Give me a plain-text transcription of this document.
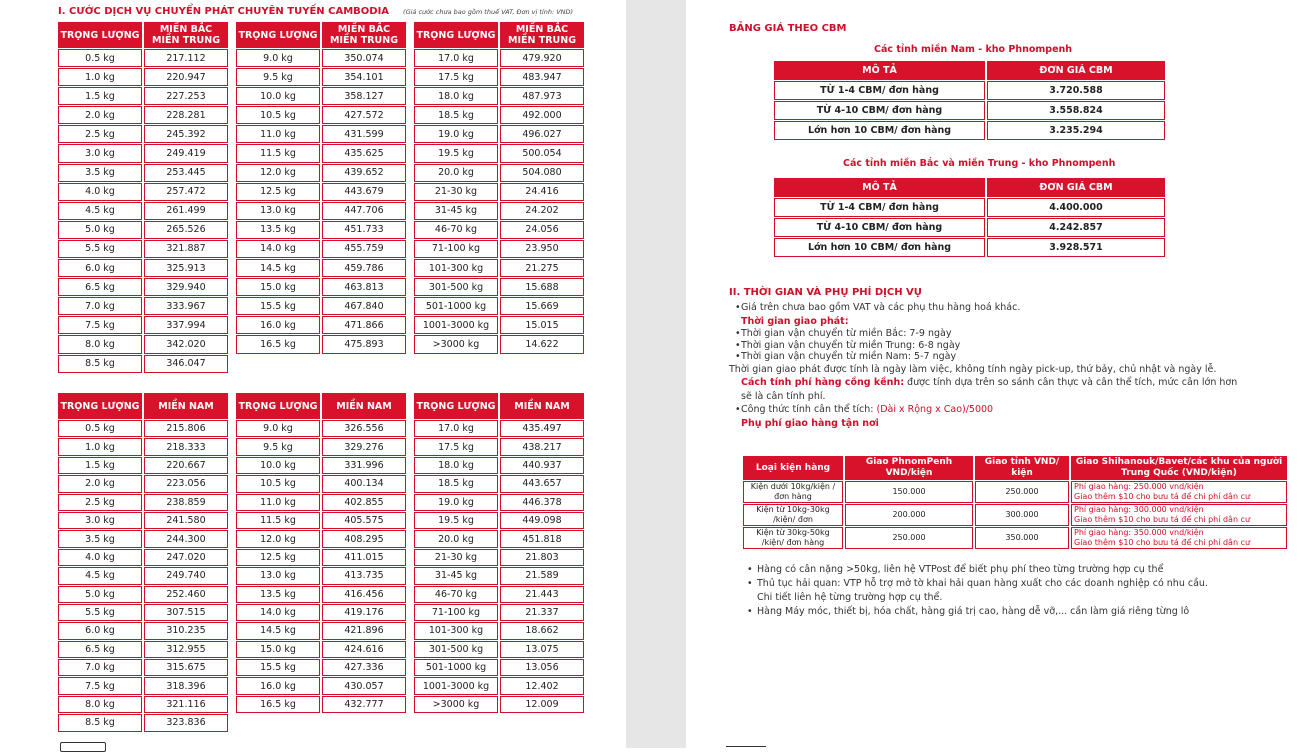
I. CƯỚC DỊCH VỤ CHUYỂN PHÁT CHUYÊN TUYẾN CAMBODIA (Giá cước chưa bao gồm thuế VAT, Đơn vị tính: VND)
TRỌNG LƯỢNG	MIỀN BẮC MIỀN TRUNG
0.5 kg	217.112
1.0 kg	220.947
1.5 kg	227.253
2.0 kg	228.281
2.5 kg	245.392
3.0 kg	249.419
3.5 kg	253.445
4.0 kg	257.472
4.5 kg	261.499
5.0 kg	265.526
5.5 kg	321.887
6.0 kg	325.913
6.5 kg	329.940
7.0 kg	333.967
7.5 kg	337.994
8.0 kg	342.020
8.5 kg	346.047
TRỌNG LƯỢNG	MIỀN BẮC MIỀN TRUNG
9.0 kg	350.074
9.5 kg	354.101
10.0 kg	358.127
10.5 kg	427.572
11.0 kg	431.599
11.5 kg	435.625
12.0 kg	439.652
12.5 kg	443.679
13.0 kg	447.706
13.5 kg	451.733
14.0 kg	455.759
14.5 kg	459.786
15.0 kg	463.813
15.5 kg	467.840
16.0 kg	471.866
16.5 kg	475.893
TRỌNG LƯỢNG	MIỀN BẮC MIỀN TRUNG
17.0 kg	479.920
17.5 kg	483.947
18.0 kg	487.973
18.5 kg	492.000
19.0 kg	496.027
19.5 kg	500.054
20.0 kg	504.080
21-30 kg	24.416
31-45 kg	24.202
46-70 kg	24.056
71-100 kg	23.950
101-300 kg	21.275
301-500 kg	15.688
501-1000 kg	15.669
1001-3000 kg	15.015
>3000 kg	14.622
TRỌNG LƯỢNG	MIỀN NAM
0.5 kg	215.806
1.0 kg	218.333
1.5 kg	220.667
2.0 kg	223.056
2.5 kg	238.859
3.0 kg	241.580
3.5 kg	244.300
4.0 kg	247.020
4.5 kg	249.740
5.0 kg	252.460
5.5 kg	307.515
6.0 kg	310.235
6.5 kg	312.955
7.0 kg	315.675
7.5 kg	318.396
8.0 kg	321.116
8.5 kg	323.836
TRỌNG LƯỢNG	MIỀN NAM
9.0 kg	326.556
9.5 kg	329.276
10.0 kg	331.996
10.5 kg	400.134
11.0 kg	402.855
11.5 kg	405.575
12.0 kg	408.295
12.5 kg	411.015
13.0 kg	413.735
13.5 kg	416.456
14.0 kg	419.176
14.5 kg	421.896
15.0 kg	424.616
15.5 kg	427.336
16.0 kg	430.057
16.5 kg	432.777
TRỌNG LƯỢNG	MIỀN NAM
17.0 kg	435.497
17.5 kg	438.217
18.0 kg	440.937
18.5 kg	443.657
19.0 kg	446.378
19.5 kg	449.098
20.0 kg	451.818
21-30 kg	21.803
31-45 kg	21.589
46-70 kg	21.443
71-100 kg	21.337
101-300 kg	18.662
301-500 kg	13.075
501-1000 kg	13.056
1001-3000 kg	12.402
>3000 kg	12.009
BẢNG GIÁ THEO CBM
Các tỉnh miền Nam - kho Phnompenh
MÔ TẢ	ĐƠN GIÁ CBM
TỪ 1-4 CBM/ đơn hàng	3.720.588
TỪ 4-10 CBM/ đơn hàng	3.558.824
Lớn hơn 10 CBM/ đơn hàng	3.235.294
Các tỉnh miền Bắc và miền Trung - kho Phnompenh
MÔ TẢ	ĐƠN GIÁ CBM
TỪ 1-4 CBM/ đơn hàng	4.400.000
TỪ 4-10 CBM/ đơn hàng	4.242.857
Lớn hơn 10 CBM/ đơn hàng	3.928.571
II. THỜI GIAN VÀ PHỤ PHÍ DỊCH VỤ
• Giá trên chưa bao gồm VAT và các phụ thu hàng hoá khác.
Thời gian giao phát:
• Thời gian vận chuyển từ miền Bắc: 7-9 ngày
• Thời gian vận chuyển từ miền Trung: 6-8 ngày
• Thời gian vận chuyển từ miền Nam: 5-7 ngày
Thời gian giao phát được tính là ngày làm việc, không tính ngày pick-up, thứ bảy, chủ nhật và ngày lễ.
Cách tính phí hàng cồng kềnh: được tính dựa trên so sánh cân thực và cân thể tích, mức cân lớn hơn sẽ là cân tính phí.
• Công thức tính cân thể tích: (Dài x Rộng x Cao)/5000
Phụ phí giao hàng tận nơi
Loại kiện hàng	Giao PhnomPenh VND/kiện	Giao tỉnh VND/ kiện	Giao Shihanouk/Bavet/các khu của người Trung Quốc (VND/kiện)
Kiện dưới 10kg/kiện /đơn hàng	150.000	250.000	Phí giao hàng: 250.000 vnd/kiện
Giao thêm $10 cho bưu tá để chi phí dân cư

Kiện từ 10kg-30kg /kiện/ đơn	200.000	300.000	Phí giao hàng: 300.000 vnd/kiện
Giao thêm $10 cho bưu tá để chi phí dân cư

Kiện từ 30kg-50kg /kiện/ đơn hàng	250.000	350.000	Phí giao hàng: 350.000 vnd/kiện
Giao thêm $10 cho bưu tá để chi phí dân cư
• Hàng có cân nặng >50kg, liên hệ VTPost để biết phụ phí theo từng trường hợp cụ thể
• Thủ tục hải quan: VTP hỗ trợ mở tờ khai hải quan hàng xuất cho các doanh nghiệp có nhu cầu.
Chi tiết liên hệ từng trường hợp cụ thể.
• Hàng Máy móc, thiết bị, hóa chất, hàng giá trị cao, hàng dễ vỡ,... cần làm giá riêng từng lô
